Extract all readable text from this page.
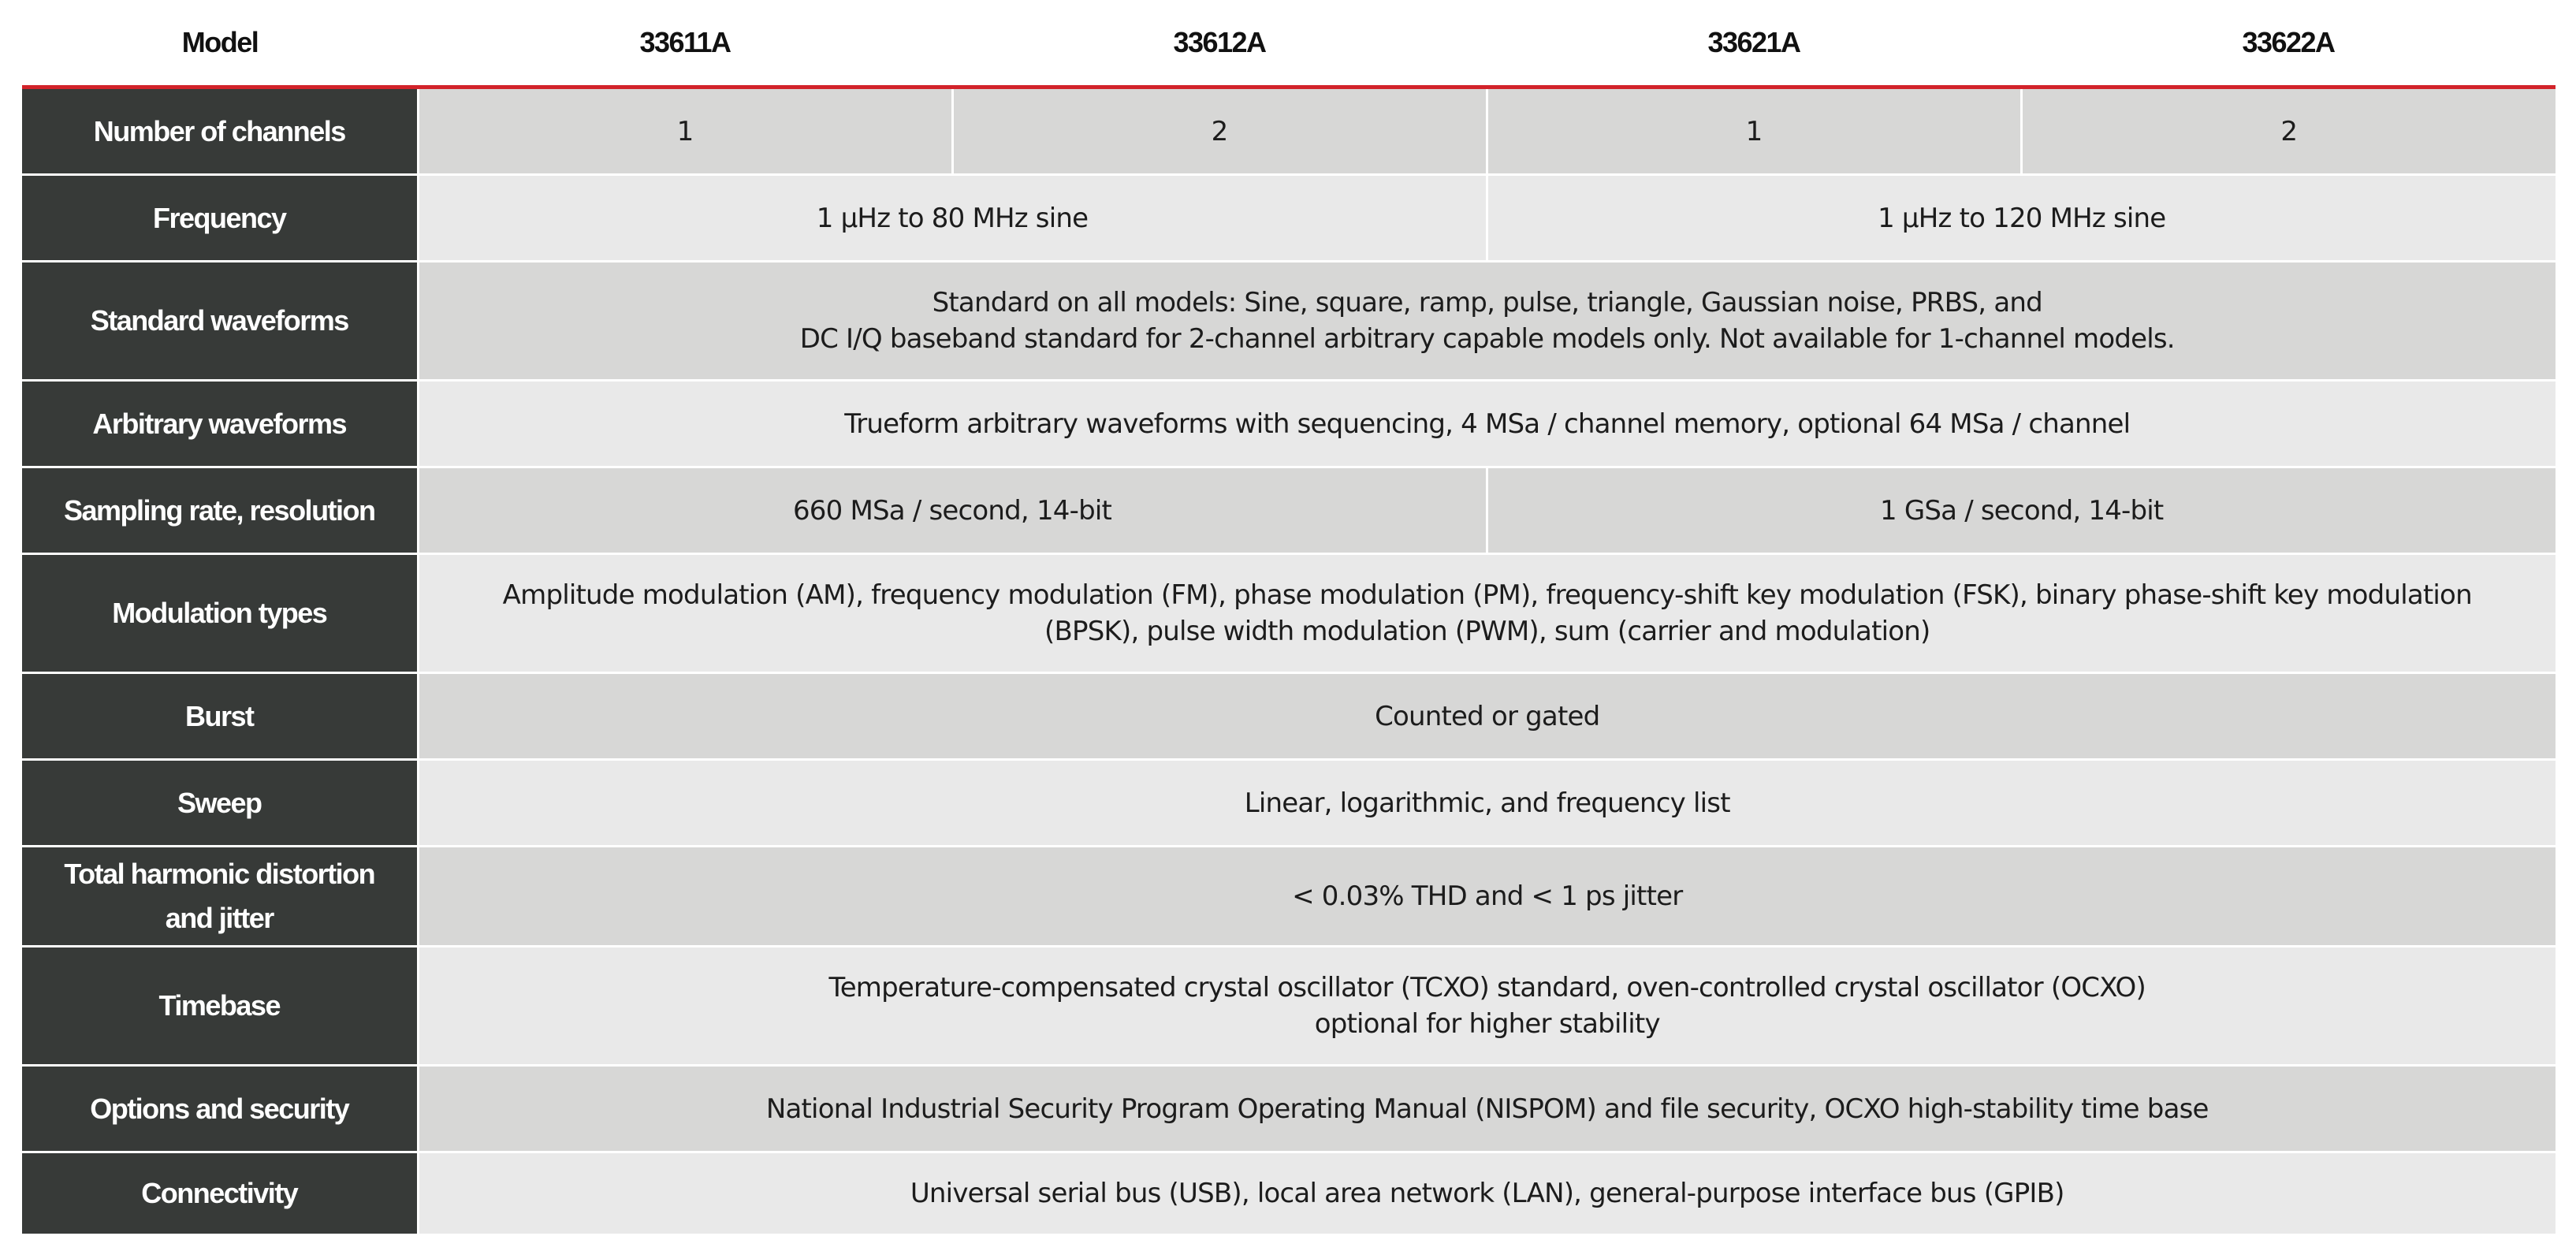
Model	33611A	33612A	33621A	33622A
Number of channels	1	2	1	2
Frequency	1 µHz to 80 MHz sine		1 µHz to 120 MHz sine	
Standard waveforms	Standard on all models: Sine, square, ramp, pulse, triangle, Gaussian noise, PRBS, and
DC I/Q baseband standard for 2-channel arbitrary capable models only. Not available for 1-channel models.			

Arbitrary waveforms	Trueform arbitrary waveforms with sequencing, 4 MSa / channel memory, optional 64 MSa / channel			
Sampling rate, resolution	660 MSa / second, 14-bit		1 GSa / second, 14-bit	
Modulation types	Amplitude modulation (AM), frequency modulation (FM), phase modulation (PM), frequency-shift key modulation (FSK), binary phase-shift key modulation
(BPSK), pulse width modulation (PWM), sum (carrier and modulation)			

Burst	Counted or gated			
Sweep	Linear, logarithmic, and frequency list			

Total harmonic distortion
and jitter	< 0.03% THD and < 1 ps jitter			
Timebase	Temperature-compensated crystal oscillator (TCXO) standard, oven-controlled crystal oscillator (OCXO)
optional for higher stability			

Options and security	National Industrial Security Program Operating Manual (NISPOM) and file security, OCXO high-stability time base			
Connectivity	Universal serial bus (USB), local area network (LAN), general-purpose interface bus (GPIB)			
